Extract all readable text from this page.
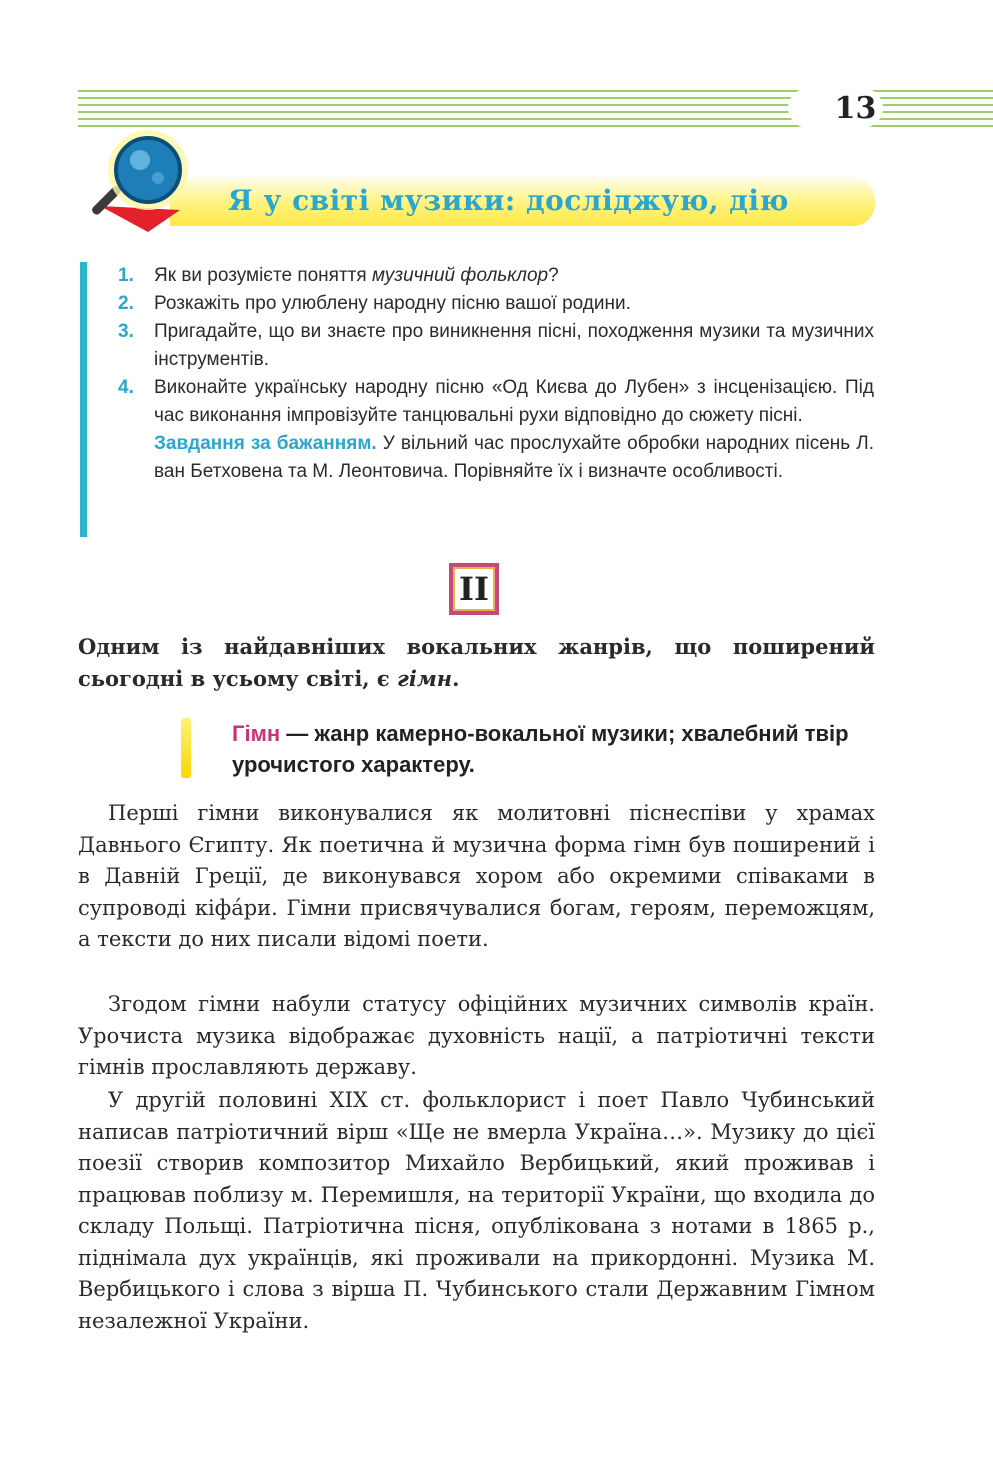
13
Я у світі музики: досліджую, дію
1.	Як ви розумієте поняття музичний фольклор?
2.	Розкажіть про улюблену народну пісню вашої родини.
3.	Пригадайте, що ви знаєте про виникнення пісні, походження музики та музичних інструментів.
4.	Виконайте українську народну пісню «Од Києва до Лубен» з інсценізацією. Під час виконання імпровізуйте танцювальні рухи відповідно до сюжету пісні.
Завдання за бажанням. У вільний час прослухайте обробки народних пісень Л. ван Бетховена та М. Леонтовича. Порівняйте їх і визначте особливості.
II
Одним із найдавніших вокальних жанрів, що поширений сьогодні в усьому світі, є гімн.
Гімн — жанр камерно-вокальної музики; хвалебний твір урочистого характеру.
Перші гімни виконувалися як молитовні піснеспіви у храмах Давнього Єгипту. Як поетична й музична форма гімн був поширений і в Давній Греції, де виконувався хором або окремими співаками в супроводі кіфáри. Гімни присвячувалися богам, героям, переможцям, а тексти до них писали відомі поети.
Згодом гімни набули статусу офіційних музичних символів країн. Урочиста музика відображає духовність нації, а патріотичні тексти гімнів прославляють державу.
У другій половині ХІХ ст. фольклорист і поет Павло Чубинський написав патріотичний вірш «Ще не вмерла Україна…». Музику до цієї поезії створив композитор Михайло Вербицький, який проживав і працював поблизу м. Перемишля, на території України, що входила до складу Польщі. Патріотична пісня, опублікована з нотами в 1865 р., піднімала дух українців, які проживали на прикордонні. Музика М. Вербицького і слова з вірша П. Чубинського стали Державним Гімном незалежної України.
